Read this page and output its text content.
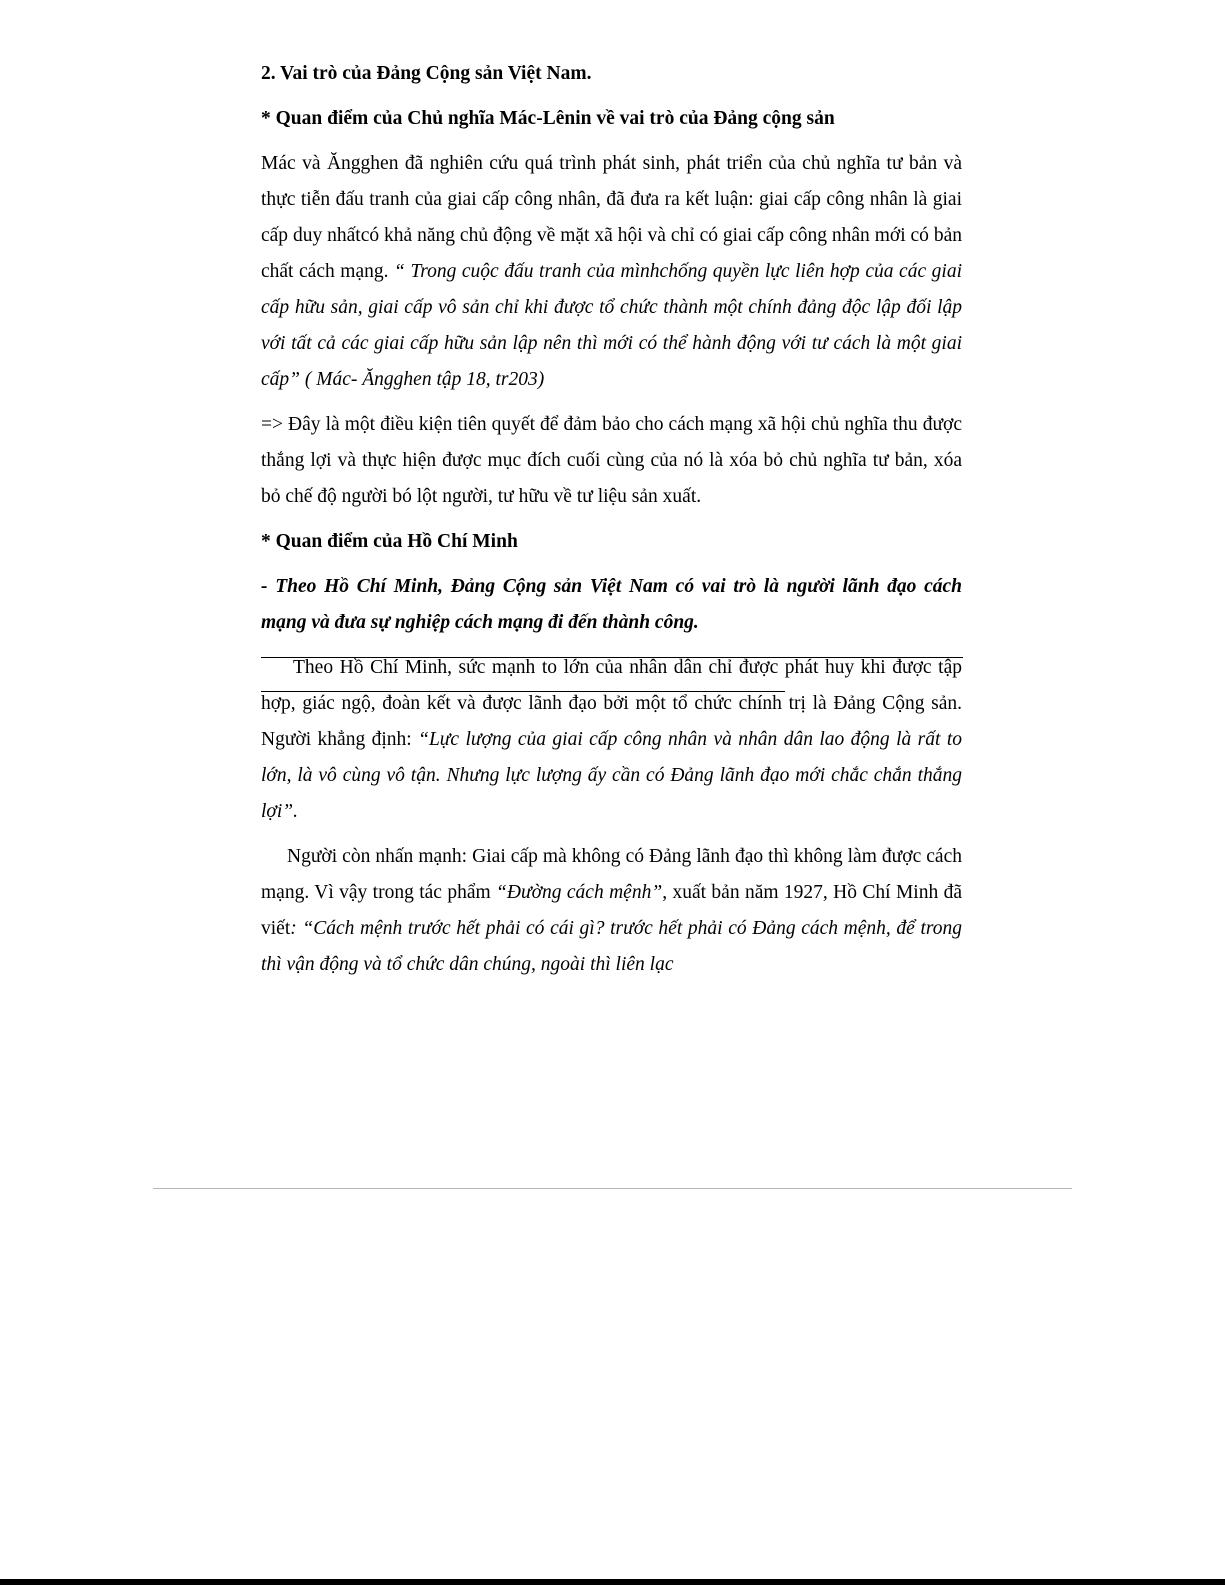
2. Vai trò của Đảng Cộng sản Việt Nam.
* Quan điểm của Chủ nghĩa Mác-Lênin về vai trò của Đảng cộng sản

Mác và Ăngghen đã nghiên cứu quá trình phát sinh, phát triển của chủ nghĩa tư bản và thực tiễn đấu tranh của giai cấp công nhân, đã đưa ra kết luận: giai cấp công nhân là giai cấp duy nhấtcó khả năng chủ động về mặt xã hội và chỉ có giai cấp công nhân mới có bản chất cách mạng. “ Trong cuộc đấu tranh của mìnhchống quyền lực liên hợp của các giai cấp hữu sản, giai cấp vô sản chỉ khi được tổ chức thành một chính đảng độc lập đối lập với tất cả các giai cấp hữu sản lập nên thì mới có thể hành động với tư cách là một giai cấp” ( Mác- Ăngghen tập 18, tr203)

=> Đây là một điều kiện tiên quyết để đảm bảo cho cách mạng xã hội chủ nghĩa thu được thắng lợi và thực hiện được mục đích cuối cùng của nó là xóa bỏ chủ nghĩa tư bản, xóa bỏ chế độ người bó lột người, tư hữu về tư liệu sản xuất.

* Quan điểm của Hồ Chí Minh

- Theo Hồ Chí Minh, Đảng Cộng sản Việt Nam có vai trò là người lãnh đạo cách mạng và đưa sự nghiệp cách mạng đi đến thành công.

Theo Hồ Chí Minh, sức mạnh to lớn của nhân dân chỉ được phát huy khi được tập hợp, giác ngộ, đoàn kết và được lãnh đạo bởi một tổ chức chính trị là Đảng Cộng sản. Người khẳng định: “Lực lượng của giai cấp công nhân và nhân dân lao động là rất to lớn, là vô cùng vô tận. Nhưng lực lượng ấy cần có Đảng lãnh đạo mới chắc chắn thắng lợi”.

Người còn nhấn mạnh: Giai cấp mà không có Đảng lãnh đạo thì không làm được cách mạng. Vì vậy trong tác phẩm “Đường cách mệnh”, xuất bản năm 1927, Hồ Chí Minh đã viết: “Cách mệnh trước hết phải có cái gì? trước hết phải có Đảng cách mệnh, để trong thì vận động và tổ chức dân chúng, ngoài thì liên lạc
